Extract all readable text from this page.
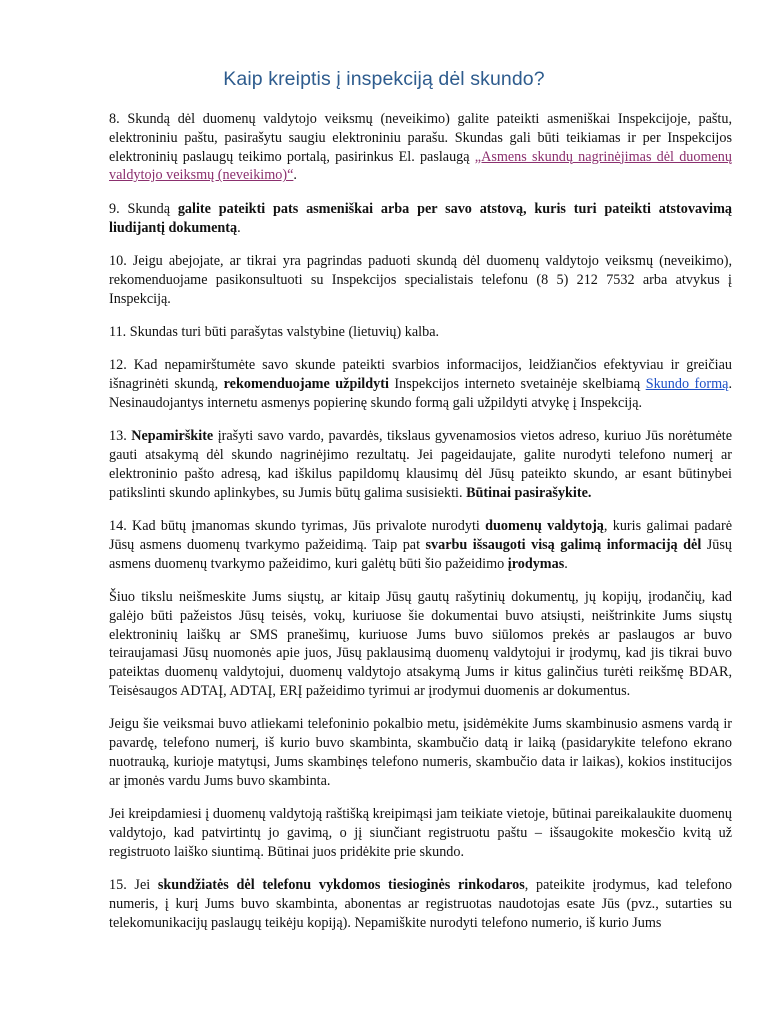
Kaip kreiptis į inspekciją dėl skundo?

8. Skundą dėl duomenų valdytojo veiksmų (neveikimo) galite pateikti asmeniškai Inspekcijoje, paštu, elektroniniu paštu, pasirašytu saugiu elektroniniu parašu. Skundas gali būti teikiamas ir per Inspekcijos elektroninių paslaugų teikimo portalą, pasirinkus El. paslaugą „Asmens skundų nagrinėjimas dėl duomenų valdytojo veiksmų (neveikimo)“.

9. Skundą galite pateikti pats asmeniškai arba per savo atstovą, kuris turi pateikti atstovavimą liudijantį dokumentą.

10. Jeigu abejojate, ar tikrai yra pagrindas paduoti skundą dėl duomenų valdytojo veiksmų (neveikimo), rekomenduojame pasikonsultuoti su Inspekcijos specialistais telefonu (8 5) 212 7532 arba atvykus į Inspekciją.

11. Skundas turi būti parašytas valstybine (lietuvių) kalba.

12. Kad nepamirštumėte savo skunde pateikti svarbios informacijos, leidžiančios efektyviau ir greičiau išnagrinėti skundą, rekomenduojame užpildyti Inspekcijos interneto svetainėje skelbiamą Skundo formą. Nesinaudojantys internetu asmenys popierinę skundo formą gali užpildyti atvykę į Inspekciją.

13. Nepamirškite įrašyti savo vardo, pavardės, tikslaus gyvenamosios vietos adreso, kuriuo Jūs norėtumėte gauti atsakymą dėl skundo nagrinėjimo rezultatų. Jei pageidaujate, galite nurodyti telefono numerį ar elektroninio pašto adresą, kad iškilus papildomų klausimų dėl Jūsų pateikto skundo, ar esant būtinybei patikslinti skundo aplinkybes, su Jumis būtų galima susisiekti. Būtinai pasirašykite.

14. Kad būtų įmanomas skundo tyrimas, Jūs privalote nurodyti duomenų valdytoją, kuris galimai padarė Jūsų asmens duomenų tvarkymo pažeidimą. Taip pat svarbu išsaugoti visą galimą informaciją dėl Jūsų asmens duomenų tvarkymo pažeidimo, kuri galėtų būti šio pažeidimo įrodymas.

Šiuo tikslu neišmeskite Jums siųstų, ar kitaip Jūsų gautų rašytinių dokumentų, jų kopijų, įrodančių, kad galėjo būti pažeistos Jūsų teisės, vokų, kuriuose šie dokumentai buvo atsiųsti, neištrinkite Jums siųstų elektroninių laiškų ar SMS pranešimų, kuriuose Jums buvo siūlomos prekės ar paslaugos ar buvo teiraujamasi Jūsų nuomonės apie juos, Jūsų paklausimą duomenų valdytojui ir įrodymų, kad jis tikrai buvo pateiktas duomenų valdytojui, duomenų valdytojo atsakymą Jums ir kitus galinčius turėti reikšmę BDAR, Teisėsaugos ADTAĮ, ADTAĮ, ERĮ pažeidimo tyrimui ar įrodymui duomenis ar dokumentus.

Jeigu šie veiksmai buvo atliekami telefoninio pokalbio metu, įsidėmėkite Jums skambinusio asmens vardą ir pavardę, telefono numerį, iš kurio buvo skambinta, skambučio datą ir laiką (pasidarykite telefono ekrano nuotrauką, kurioje matytųsi, Jums skambinęs telefono numeris, skambučio data ir laikas), kokios institucijos ar įmonės vardu Jums buvo skambinta.

Jei kreipdamiesi į duomenų valdytoją raštišką kreipimąsi jam teikiate vietoje, būtinai pareikalaukite duomenų valdytojo, kad patvirtintų jo gavimą, o jį siunčiant registruotu paštu – išsaugokite mokesčio kvitą už registruoto laiško siuntimą. Būtinai juos pridėkite prie skundo.

15. Jei skundžiatės dėl telefonu vykdomos tiesioginės rinkodaros, pateikite įrodymus, kad telefono numeris, į kurį Jums buvo skambinta, abonentas ar registruotas naudotojas esate Jūs (pvz., sutarties su telekomunikacijų paslaugų teikėju kopiją). Nepamiškite nurodyti telefono numerio, iš kurio Jums
